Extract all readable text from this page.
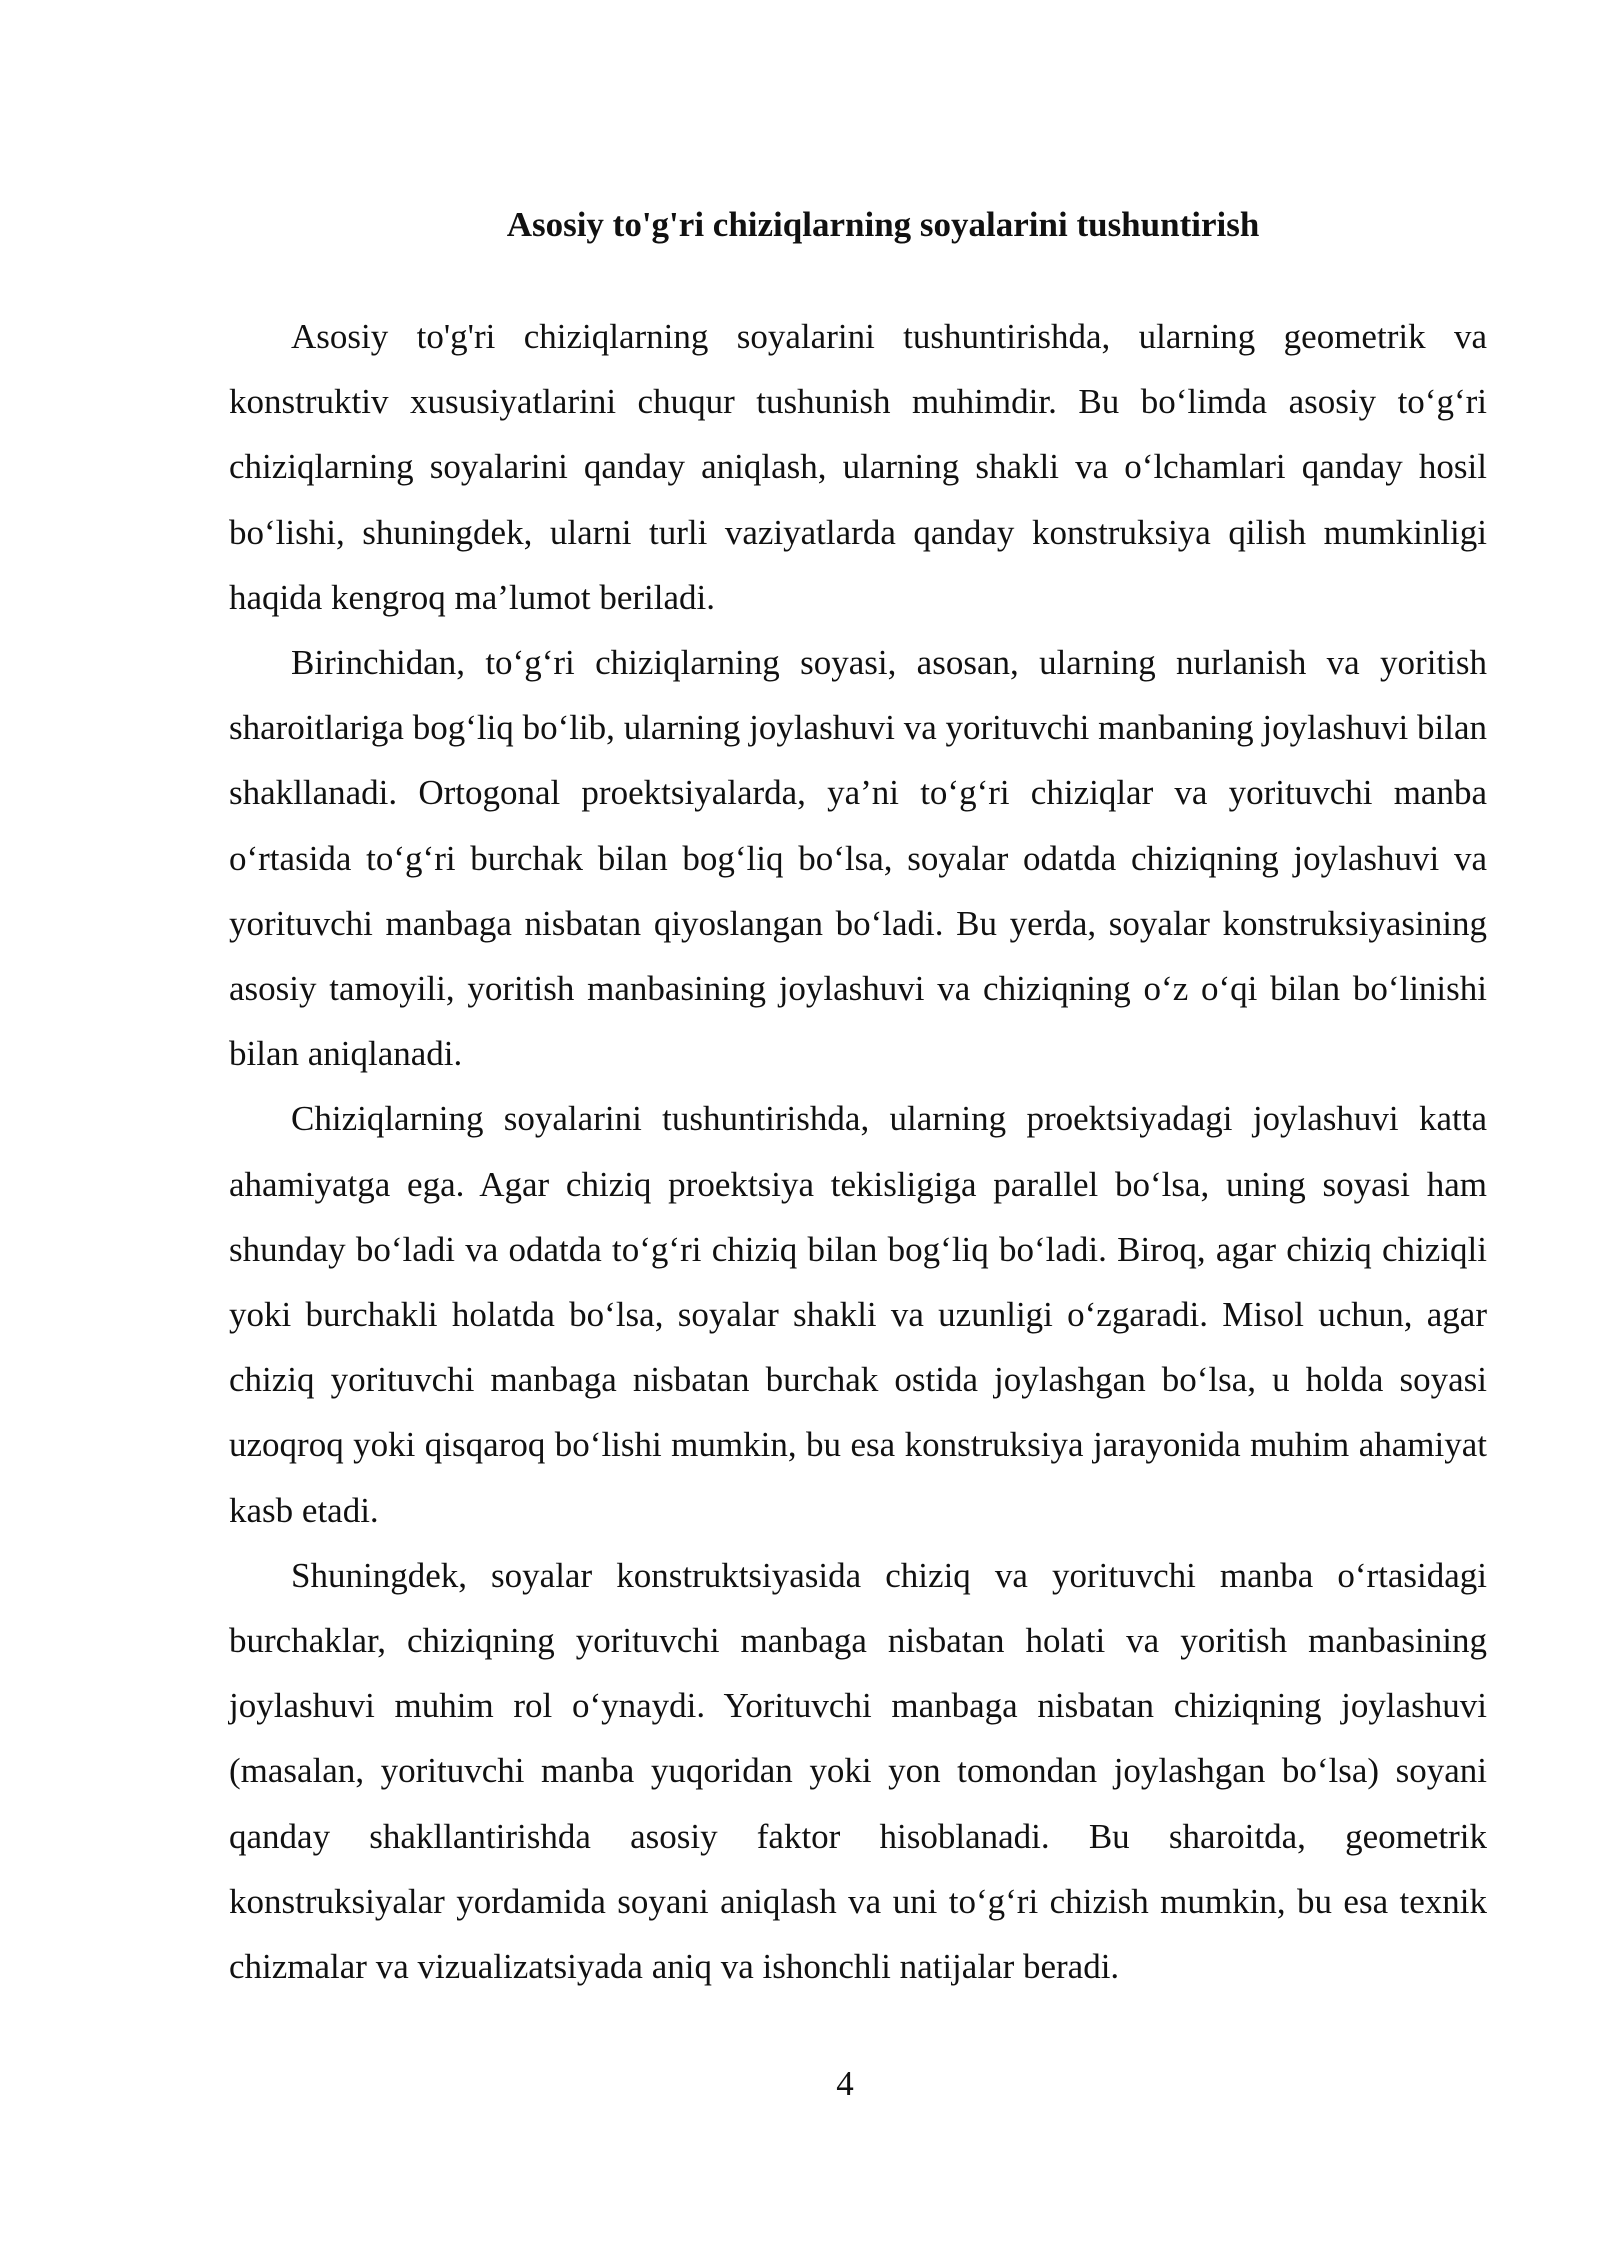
Asosiy to'g'ri chiziqlarning soyalarini tushuntirish

Asosiy to'g'ri chiziqlarning soyalarini tushuntirishda, ularning geometrik va konstruktiv xususiyatlarini chuqur tushunish muhimdir. Bu bo‘limda asosiy to‘g‘ri chiziqlarning soyalarini qanday aniqlash, ularning shakli va o‘lchamlari qanday hosil bo‘lishi, shuningdek, ularni turli vaziyatlarda qanday konstruksiya qilish mumkinligi haqida kengroq ma’lumot beriladi.

Birinchidan, to‘g‘ri chiziqlarning soyasi, asosan, ularning nurlanish va yoritish sharoitlariga bog‘liq bo‘lib, ularning joylashuvi va yorituvchi manbaning joylashuvi bilan shakllanadi. Ortogonal proektsiyalarda, ya’ni to‘g‘ri chiziqlar va yorituvchi manba o‘rtasida to‘g‘ri burchak bilan bog‘liq bo‘lsa, soyalar odatda chiziqning joylashuvi va yorituvchi manbaga nisbatan qiyoslangan bo‘ladi. Bu yerda, soyalar konstruksiyasining asosiy tamoyili, yoritish manbasining joylashuvi va chiziqning o‘z o‘qi bilan bo‘linishi bilan aniqlanadi.

Chiziqlarning soyalarini tushuntirishda, ularning proektsiyadagi joylashuvi katta ahamiyatga ega. Agar chiziq proektsiya tekisligiga parallel bo‘lsa, uning soyasi ham shunday bo‘ladi va odatda to‘g‘ri chiziq bilan bog‘liq bo‘ladi. Biroq, agar chiziq chiziqli yoki burchakli holatda bo‘lsa, soyalar shakli va uzunligi o‘zgaradi. Misol uchun, agar chiziq yorituvchi manbaga nisbatan burchak ostida joylashgan bo‘lsa, u holda soyasi uzoqroq yoki qisqaroq bo‘lishi mumkin, bu esa konstruksiya jarayonida muhim ahamiyat kasb etadi.

Shuningdek, soyalar konstruktsiyasida chiziq va yorituvchi manba o‘rtasidagi burchaklar, chiziqning yorituvchi manbaga nisbatan holati va yoritish manbasining joylashuvi muhim rol o‘ynaydi. Yorituvchi manbaga nisbatan chiziqning joylashuvi (masalan, yorituvchi manba yuqoridan yoki yon tomondan joylashgan bo‘lsa) soyani qanday shakllantirishda asosiy faktor hisoblanadi. Bu sharoitda, geometrik konstruksiyalar yordamida soyani aniqlash va uni to‘g‘ri chizish mumkin, bu esa texnik chizmalar va vizualizatsiyada aniq va ishonchli natijalar beradi.

4
